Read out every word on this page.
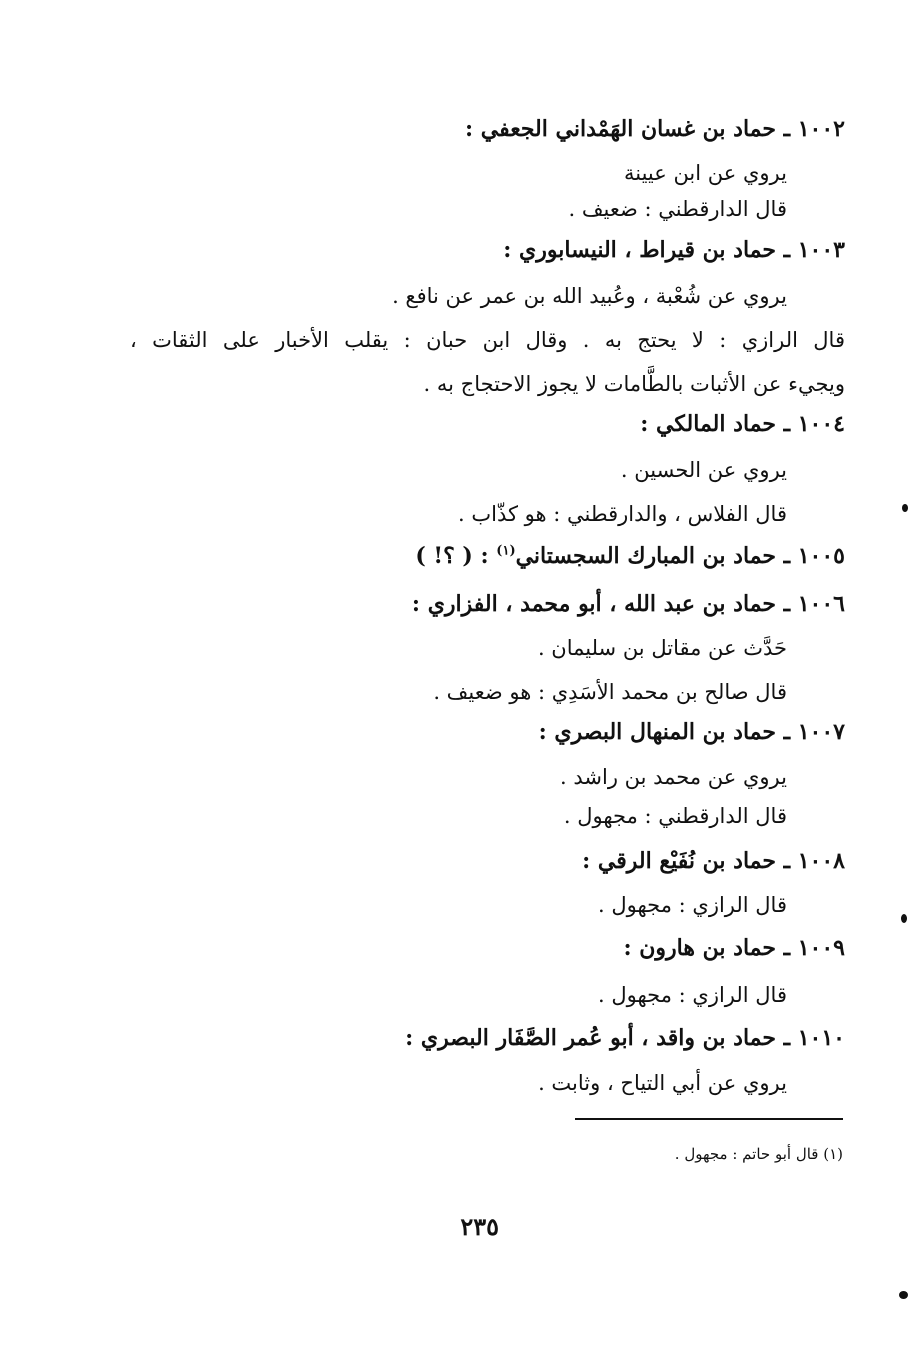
١٠٠٢ ـ حماد بن غسان الهَمْداني الجعفي :
يروي عن ابن عيينة
قال الدارقطني : ضعيف .
١٠٠٣ ـ حماد بن قيراط ، النيسابوري :
يروي عن شُعْبة ، وعُبيد الله بن عمر عن نافع .
قال الرازي : لا يحتج به . وقال ابن حبان : يقلب الأخبار على الثقات ،
ويجيء عن الأثبات بالطَّامات لا يجوز الاحتجاج به .
١٠٠٤ ـ حماد المالكي :
يروي عن الحسين .
قال الفلاس ، والدارقطني : هو كذّاب .
١٠٠٥ ـ حماد بن المبارك السجستاني$^{(١)}$ : ( ؟! )
١٠٠٦ ـ حماد بن عبد الله ، أبو محمد ، الفزاري :
حَدَّث عن مقاتل بن سليمان .
قال صالح بن محمد الأسَدِي : هو ضعيف .
١٠٠٧ ـ حماد بن المنهال البصري :
يروي عن محمد بن راشد .
قال الدارقطني : مجهول .
١٠٠٨ ـ حماد بن نُفَيْع الرقي :
قال الرازي : مجهول .
١٠٠٩ ـ حماد بن هارون :
قال الرازي : مجهول .
١٠١٠ ـ حماد بن واقد ، أبو عُمر الصَّفَار البصري :
يروي عن أبي التياح ، وثابت .
(١) قال أبو حاتم : مجهول .
٢٣٥
